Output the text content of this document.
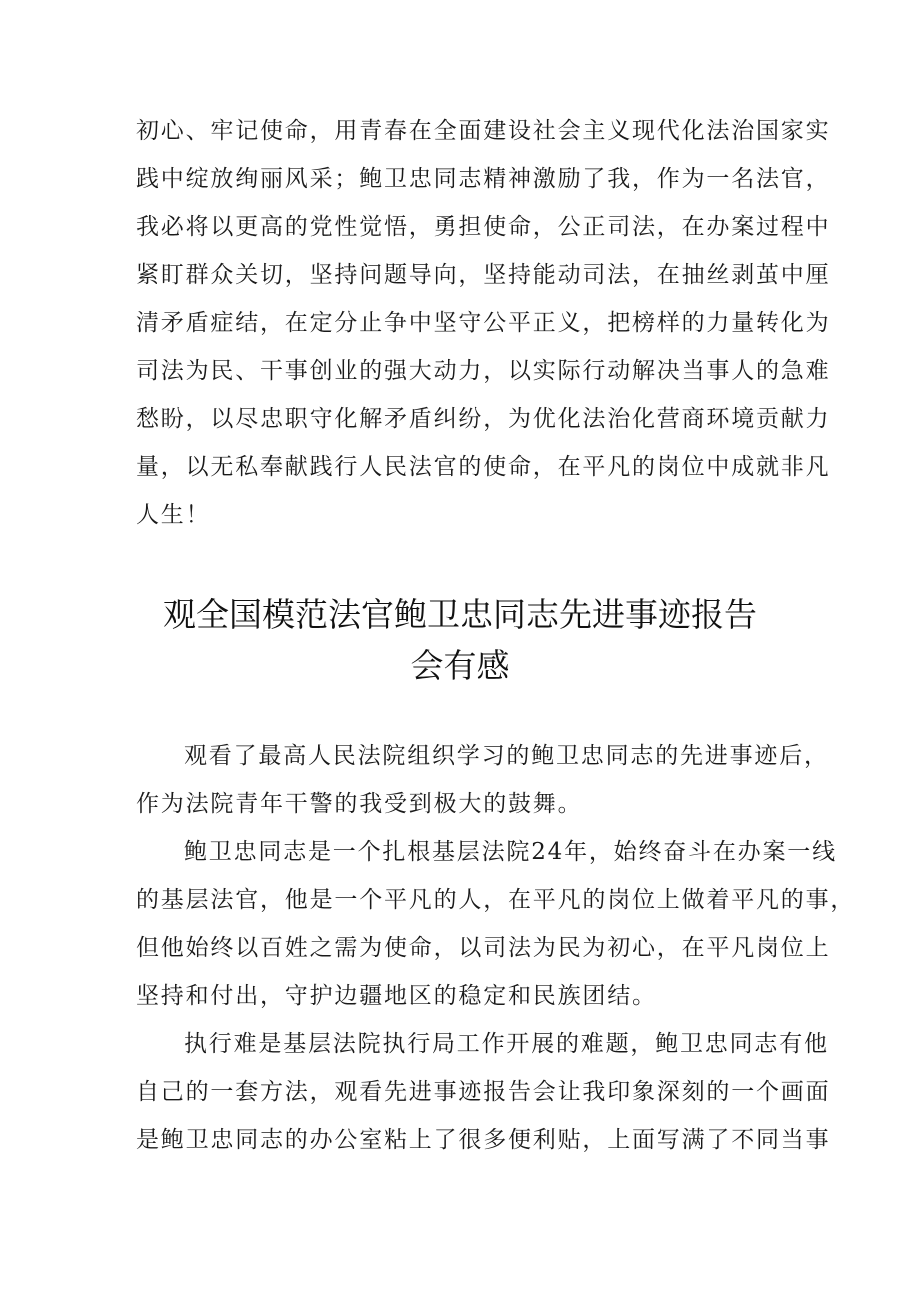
初心、牢记使命，用青春在全面建设社会主义现代化法治国家实
践中绽放绚丽风采；鲍卫忠同志精神激励了我，作为一名法官，
我必将以更高的党性觉悟，勇担使命，公正司法，在办案过程中
紧盯群众关切，坚持问题导向，坚持能动司法，在抽丝剥茧中厘
清矛盾症结，在定分止争中坚守公平正义，把榜样的力量转化为
司法为民、干事创业的强大动力，以实际行动解决当事人的急难
愁盼，以尽忠职守化解矛盾纠纷，为优化法治化营商环境贡献力
量，以无私奉献践行人民法官的使命，在平凡的岗位中成就非凡
人生！
观全国模范法官鲍卫忠同志先进事迹报告
会有感
观看了最高人民法院组织学习的鲍卫忠同志的先进事迹后，
作为法院青年干警的我受到极大的鼓舞。
鲍卫忠同志是一个扎根基层法院24年，始终奋斗在办案一线
的基层法官，他是一个平凡的人，在平凡的岗位上做着平凡的事，
但他始终以百姓之需为使命，以司法为民为初心，在平凡岗位上
坚持和付出，守护边疆地区的稳定和民族团结。
执行难是基层法院执行局工作开展的难题，鲍卫忠同志有他
自己的一套方法，观看先进事迹报告会让我印象深刻的一个画面
是鲍卫忠同志的办公室粘上了很多便利贴，上面写满了不同当事
